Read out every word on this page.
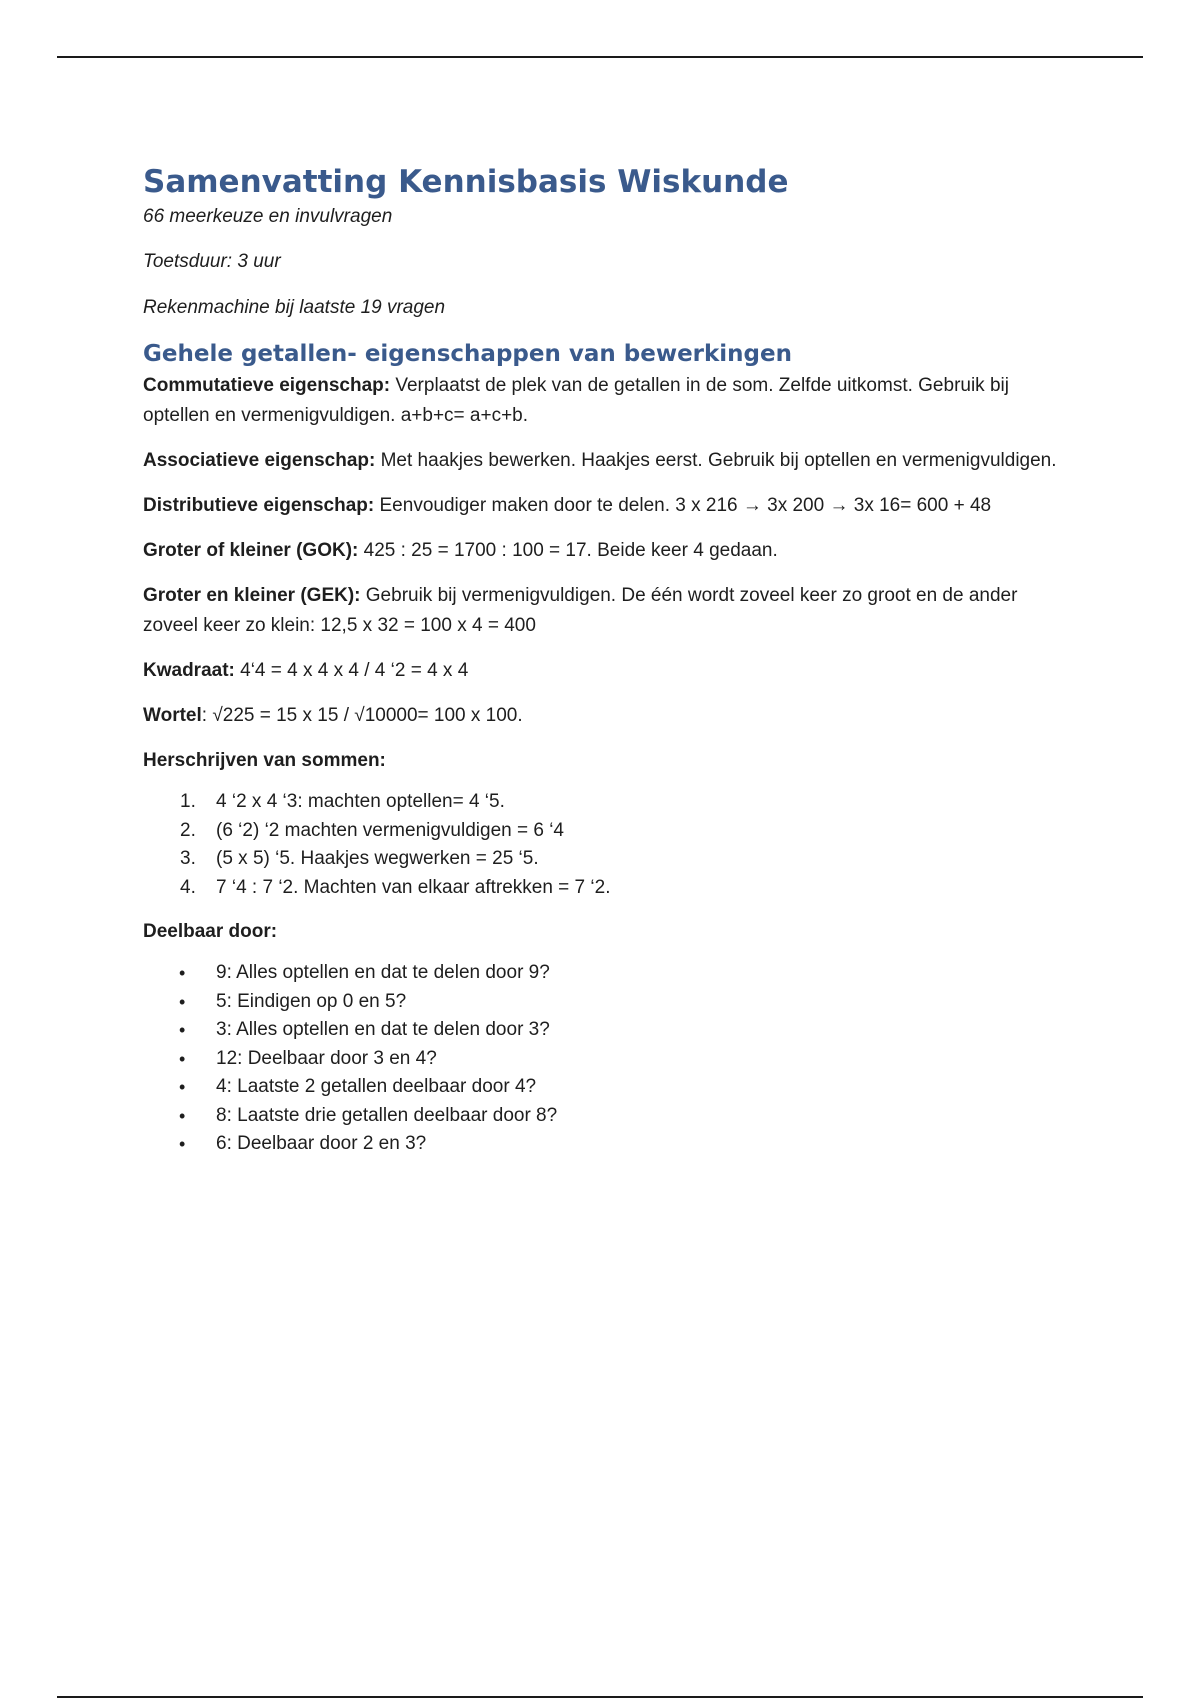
Samenvatting Kennisbasis Wiskunde

66 meerkeuze en invulvragen

Toetsduur: 3 uur

Rekenmachine bij laatste 19 vragen

Gehele getallen- eigenschappen van bewerkingen

Commutatieve eigenschap: Verplaatst de plek van de getallen in de som. Zelfde uitkomst. Gebruik bij optellen en vermenigvuldigen. a+b+c= a+c+b.

Associatieve eigenschap: Met haakjes bewerken. Haakjes eerst. Gebruik bij optellen en vermenigvuldigen.

Distributieve eigenschap: Eenvoudiger maken door te delen. 3 x 216 → 3x 200 → 3x 16= 600 + 48

Groter of kleiner (GOK): 425 : 25 = 1700 : 100 = 17. Beide keer 4 gedaan.

Groter en kleiner (GEK): Gebruik bij vermenigvuldigen. De één wordt zoveel keer zo groot en de ander zoveel keer zo klein: 12,5 x 32 = 100 x 4 = 400

Kwadraat: 4‘4 = 4 x 4 x 4 / 4 ‘2 = 4 x 4

Wortel: √225 = 15 x 15 / √10000= 100 x 100.

Herschrijven van sommen:

1. 4 ‘2 x 4 ‘3: machten optellen= 4 ‘5.
2. (6 ‘2) ‘2 machten vermenigvuldigen = 6 ‘4
3. (5 x 5) ‘5. Haakjes wegwerken = 25 ‘5.
4. 7 ‘4 : 7 ‘2. Machten van elkaar aftrekken = 7 ‘2.

Deelbaar door:

• 9: Alles optellen en dat te delen door 9?
• 5: Eindigen op 0 en 5?
• 3: Alles optellen en dat te delen door 3?
• 12: Deelbaar door 3 en 4?
• 4: Laatste 2 getallen deelbaar door 4?
• 8: Laatste drie getallen deelbaar door 8?
• 6: Deelbaar door 2 en 3?
